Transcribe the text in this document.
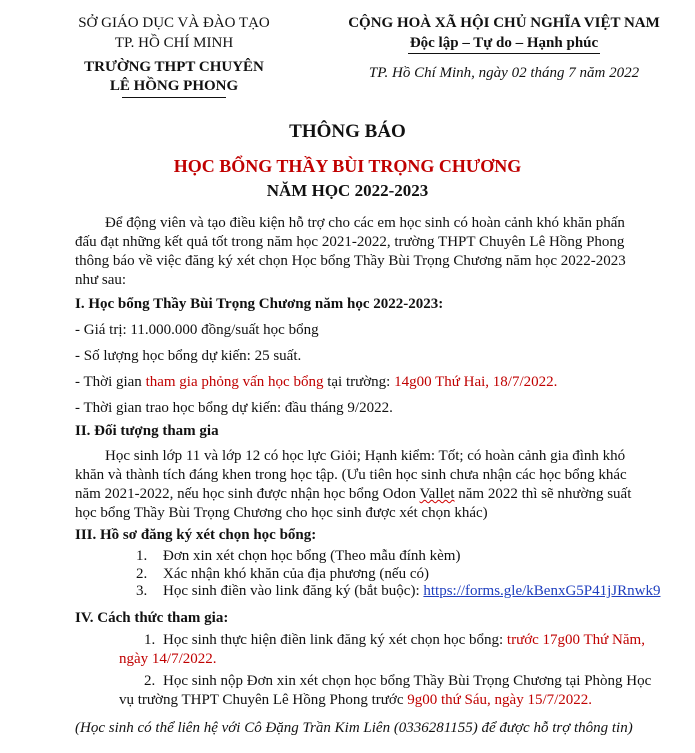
SỞ GIÁO DỤC VÀ ĐÀO TẠO
TP. HỒ CHÍ MINH
TRƯỜNG THPT CHUYÊN
LÊ HỒNG PHONG
CỘNG HOÀ XÃ HỘI CHỦ NGHĨA VIỆT NAM
Độc lập – Tự do – Hạnh phúc
TP. Hồ Chí Minh, ngày 02 tháng 7 năm 2022
THÔNG BÁO
HỌC BỔNG THẦY BÙI TRỌNG CHƯƠNG
NĂM HỌC 2022-2023
Để động viên và tạo điều kiện hỗ trợ cho các em học sinh có hoàn cảnh khó khăn phấn
đấu đạt những kết quả tốt trong năm học 2021-2022, trường THPT Chuyên Lê Hồng Phong
thông báo về việc đăng ký xét chọn Học bổng Thầy Bùi Trọng Chương năm học 2022-2023
như sau:
I. Học bổng Thầy Bùi Trọng Chương năm học 2022-2023:
- Giá trị: 11.000.000 đồng/suất học bổng
- Số lượng học bổng dự kiến: 25 suất.
- Thời gian tham gia phỏng vấn học bổng tại trường: 14g00 Thứ Hai, 18/7/2022.
- Thời gian trao học bổng dự kiến: đầu tháng 9/2022.
II. Đối tượng tham gia
Học sinh lớp 11 và lớp 12 có học lực Giỏi; Hạnh kiểm: Tốt; có hoàn cảnh gia đình khó
khăn và thành tích đáng khen trong học tập. (Ưu tiên học sinh chưa nhận các học bổng khác
năm 2021-2022, nếu học sinh được nhận học bổng Odon Vallet năm 2022 thì sẽ nhường suất
học bổng Thầy Bùi Trọng Chương cho học sinh được xét chọn khác)
III. Hồ sơ đăng ký xét chọn học bổng:
1. Đơn xin xét chọn học bổng (Theo mẫu đính kèm)
2. Xác nhận khó khăn của địa phương (nếu có)
3. Học sinh điền vào link đăng ký (bắt buộc): https://forms.gle/kBenxG5P41jJRnwk9
IV. Cách thức tham gia:
1. Học sinh thực hiện điền link đăng ký xét chọn học bổng: trước 17g00 Thứ Năm,
ngày 14/7/2022.
2. Học sinh nộp Đơn xin xét chọn học bổng Thầy Bùi Trọng Chương tại Phòng Học
vụ trường THPT Chuyên Lê Hồng Phong trước 9g00 thứ Sáu, ngày 15/7/2022.
(Học sinh có thể liên hệ với Cô Đặng Trần Kim Liên (0336281155) để được hỗ trợ thông tin)
